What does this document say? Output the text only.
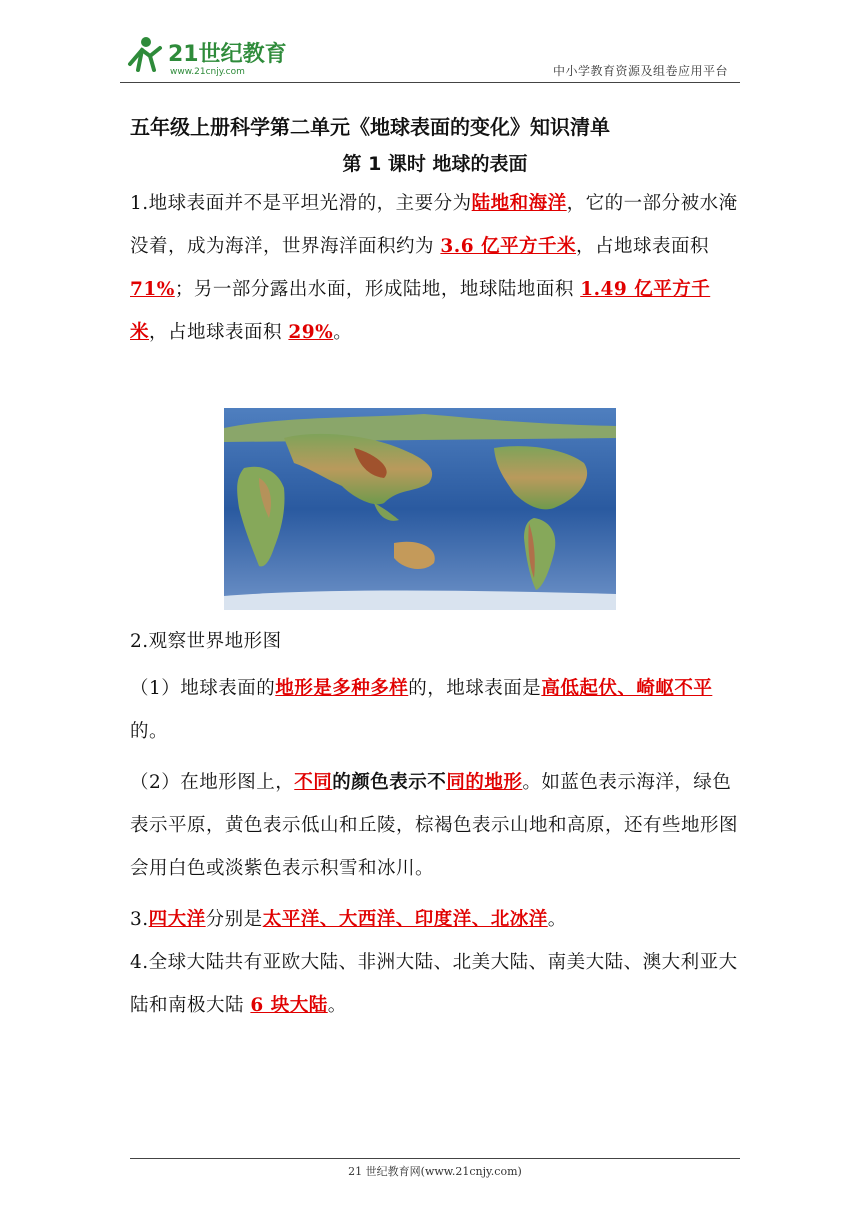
21世纪教育
www.21cnjy.com	中小学教育资源及组卷应用平台
五年级上册科学第二单元《地球表面的变化》知识清单
第 1 课时 地球的表面

1.地球表面并不是平坦光滑的，主要分为陆地和海洋，它的一部分被水淹没着，成为海洋，世界海洋面积约为 3.6 亿平方千米，占地球表面积 71%；另一部分露出水面，形成陆地，地球陆地面积 1.49 亿平方千米，占地球表面积 29%。

2.观察世界地形图

（1）地球表面的地形是多种多样的，地球表面是高低起伏、崎岖不平的。

（2）在地形图上，不同的颜色表示不同的地形。如蓝色表示海洋，绿色表示平原，黄色表示低山和丘陵，棕褐色表示山地和高原，还有些地形图会用白色或淡紫色表示积雪和冰川。

3.四大洋分别是太平洋、大西洋、印度洋、北冰洋。

4.全球大陆共有亚欧大陆、非洲大陆、北美大陆、南美大陆、澳大利亚大陆和南极大陆 6 块大陆。

21 世纪教育网(www.21cnjy.com)
